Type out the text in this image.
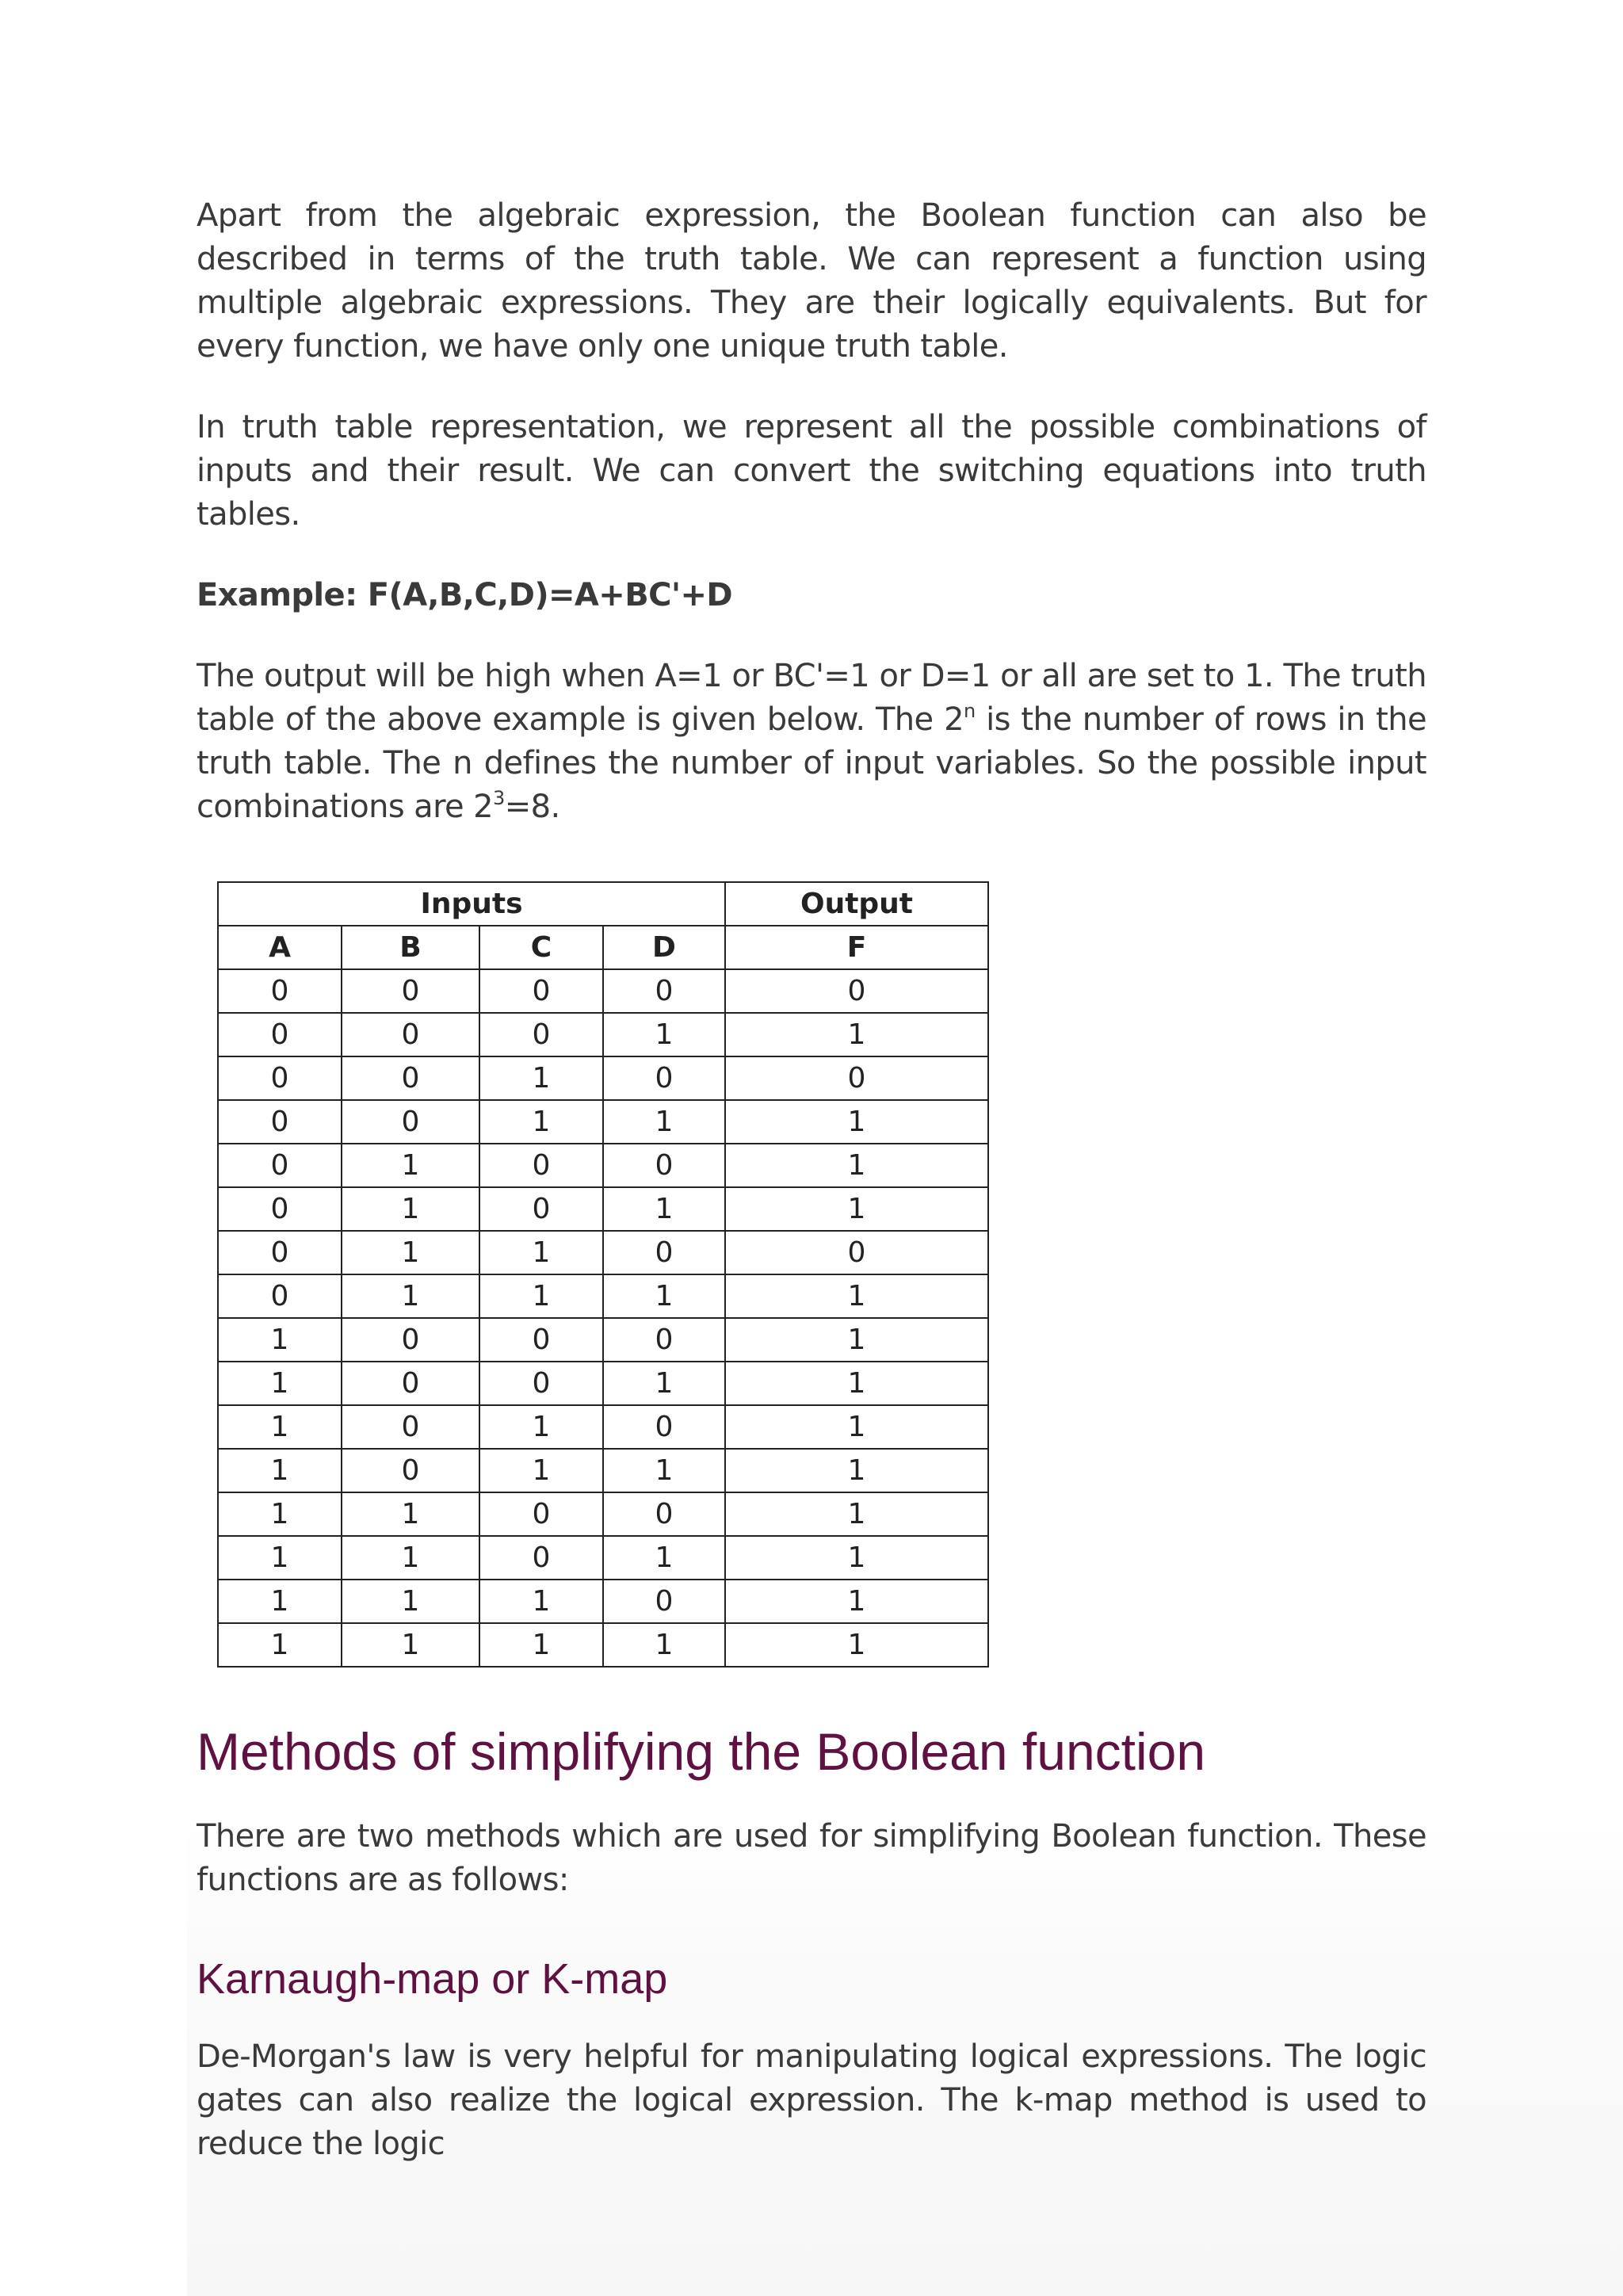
Apart from the algebraic expression, the Boolean function can also be described in terms of the truth table. We can represent a function using multiple algebraic expressions. They are their logically equivalents. But for every function, we have only one unique truth table.

In truth table representation, we represent all the possible combinations of inputs and their result. We can convert the switching equations into truth tables.

Example: F(A,B,C,D)=A+BC'+D

The output will be high when A=1 or BC'=1 or D=1 or all are set to 1. The truth table of the above example is given below. The 2$^n$ is the number of rows in the truth table. The n defines the number of input variables. So the possible input combinations are $2^3=8$.

Inputs				Output
A	B	C	D	F
0	0	0	0	0
0	0	0	1	1
0	0	1	0	0
0	0	1	1	1
0	1	0	0	1
0	1	0	1	1
0	1	1	0	0
0	1	1	1	1
1	0	0	0	1
1	0	0	1	1
1	0	1	0	1
1	0	1	1	1
1	1	0	0	1
1	1	0	1	1
1	1	1	0	1
1	1	1	1	1
Methods of simplifying the Boolean function

There are two methods which are used for simplifying Boolean function. These functions are as follows:

Karnaugh-map or K-map

De-Morgan's law is very helpful for manipulating logical expressions. The logic gates can also realize the logical expression. The k-map method is used to reduce the logic
